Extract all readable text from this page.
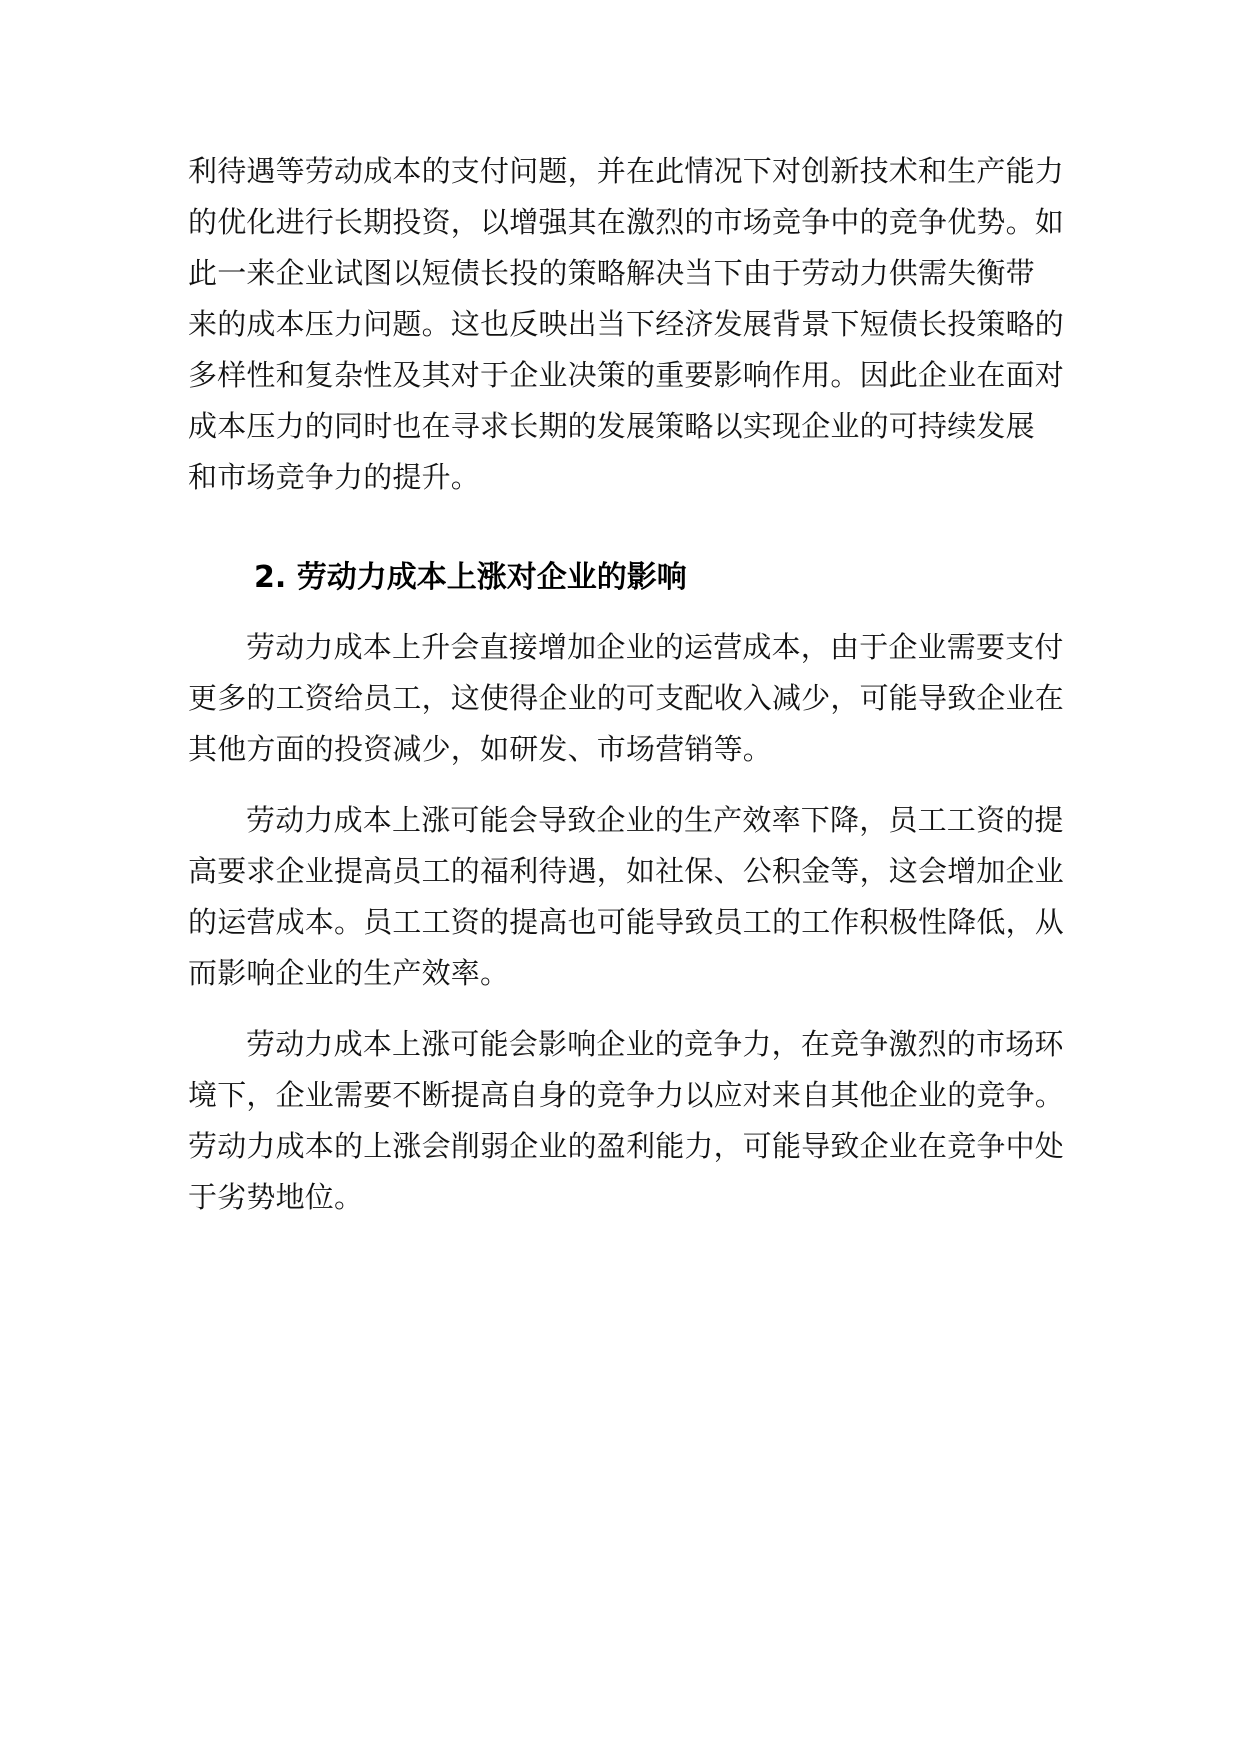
利待遇等劳动成本的支付问题，并在此情况下对创新技术和生产能力
的优化进行长期投资，以增强其在激烈的市场竞争中的竞争优势。如
此一来企业试图以短债长投的策略解决当下由于劳动力供需失衡带
来的成本压力问题。这也反映出当下经济发展背景下短债长投策略的
多样性和复杂性及其对于企业决策的重要影响作用。因此企业在面对
成本压力的同时也在寻求长期的发展策略以实现企业的可持续发展
和市场竞争力的提升。
2. 劳动力成本上涨对企业的影响
劳动力成本上升会直接增加企业的运营成本，由于企业需要支付
更多的工资给员工，这使得企业的可支配收入减少，可能导致企业在
其他方面的投资减少，如研发、市场营销等。
劳动力成本上涨可能会导致企业的生产效率下降，员工工资的提
高要求企业提高员工的福利待遇，如社保、公积金等，这会增加企业
的运营成本。员工工资的提高也可能导致员工的工作积极性降低，从
而影响企业的生产效率。
劳动力成本上涨可能会影响企业的竞争力，在竞争激烈的市场环
境下，企业需要不断提高自身的竞争力以应对来自其他企业的竞争。
劳动力成本的上涨会削弱企业的盈利能力，可能导致企业在竞争中处
于劣势地位。
